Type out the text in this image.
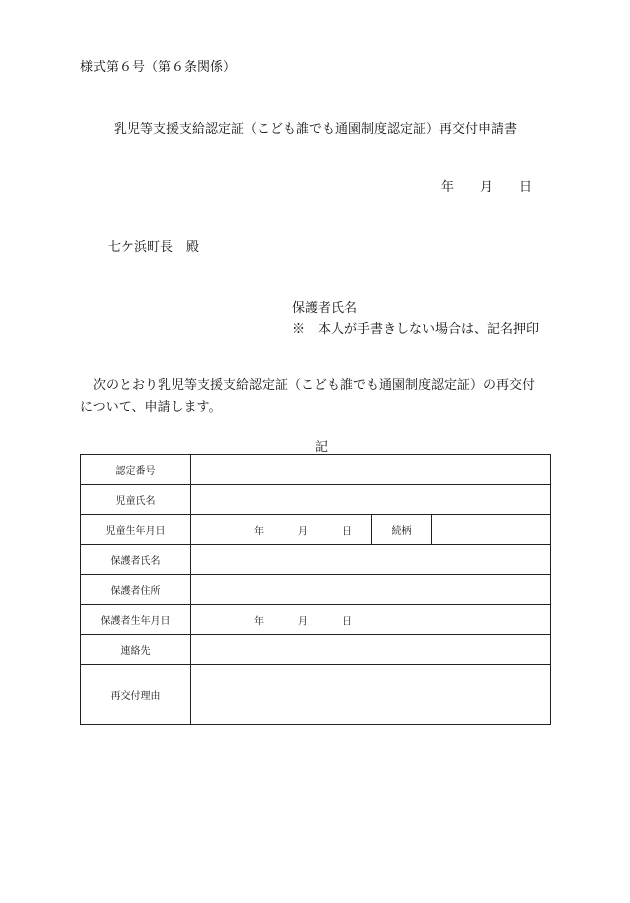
様式第６号（第６条関係）
乳児等支援支給認定証（こども誰でも通園制度認定証）再交付申請書
年 月 日
七ケ浜町長　殿
保護者氏名
※　本人が手書きしない場合は、記名押印
次のとおり乳児等支援支給認定証（こども誰でも通園制度認定証）の再交付
について、申請します。
記
認定番号			
児童氏名			
児童生年月日	年 月 日	続柄	
保護者氏名			
保護者住所			
保護者生年月日	年 月 日		

連絡先			
再交付理由			
